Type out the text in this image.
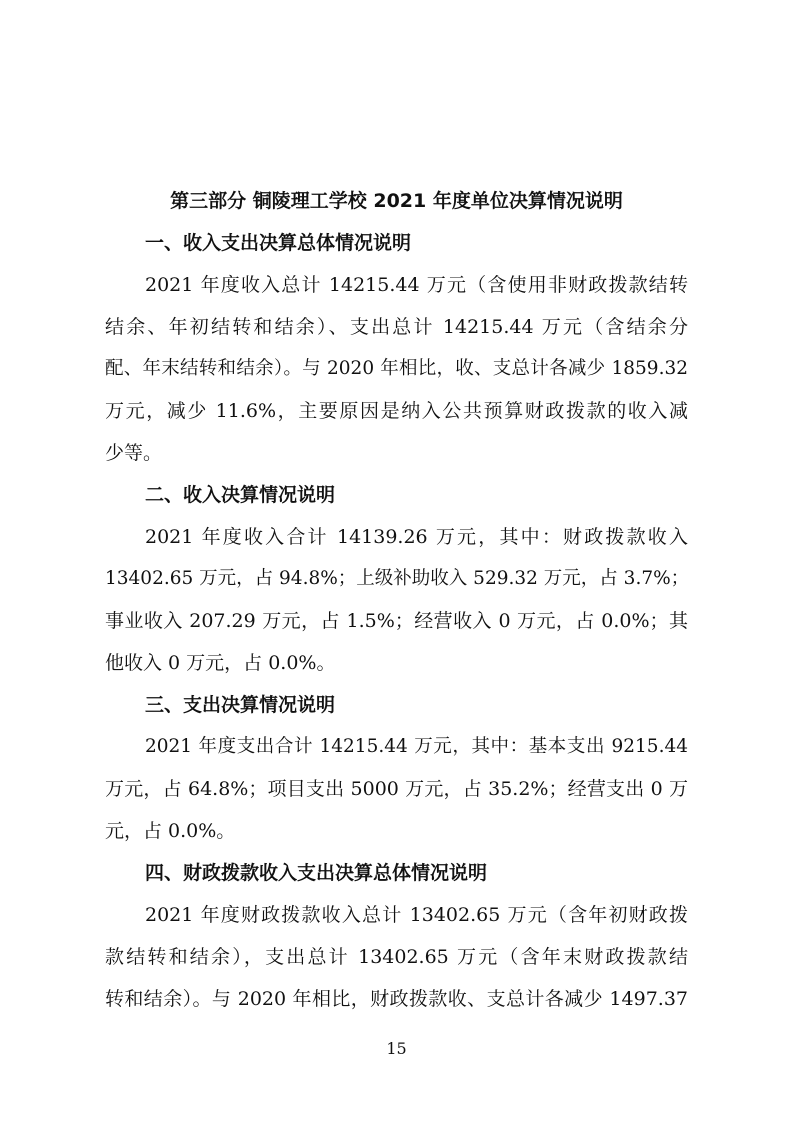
第三部分 铜陵理工学校 2021 年度单位决算情况说明
一、收入支出决算总体情况说明
2021 年度收入总计 14215.44 万元（含使用非财政拨款结转
结余、年初结转和结余）、支出总计 14215.44 万元（含结余分
配、年末结转和结余）。与 2020 年相比，收、支总计各减少 1859.32
万元，减少 11.6%，主要原因是纳入公共预算财政拨款的收入减
少等。
二、收入决算情况说明
2021 年度收入合计 14139.26 万元，其中：财政拨款收入
13402.65 万元，占 94.8%；上级补助收入 529.32 万元，占 3.7%；
事业收入 207.29 万元，占 1.5%；经营收入 0 万元，占 0.0%；其
他收入 0 万元，占 0.0%。
三、支出决算情况说明
2021 年度支出合计 14215.44 万元，其中：基本支出 9215.44
万元，占 64.8%；项目支出 5000 万元，占 35.2%；经营支出 0 万
元，占 0.0%。
四、财政拨款收入支出决算总体情况说明
2021 年度财政拨款收入总计 13402.65 万元（含年初财政拨
款结转和结余），支出总计 13402.65 万元（含年末财政拨款结
转和结余）。与 2020 年相比，财政拨款收、支总计各减少 1497.37
15
